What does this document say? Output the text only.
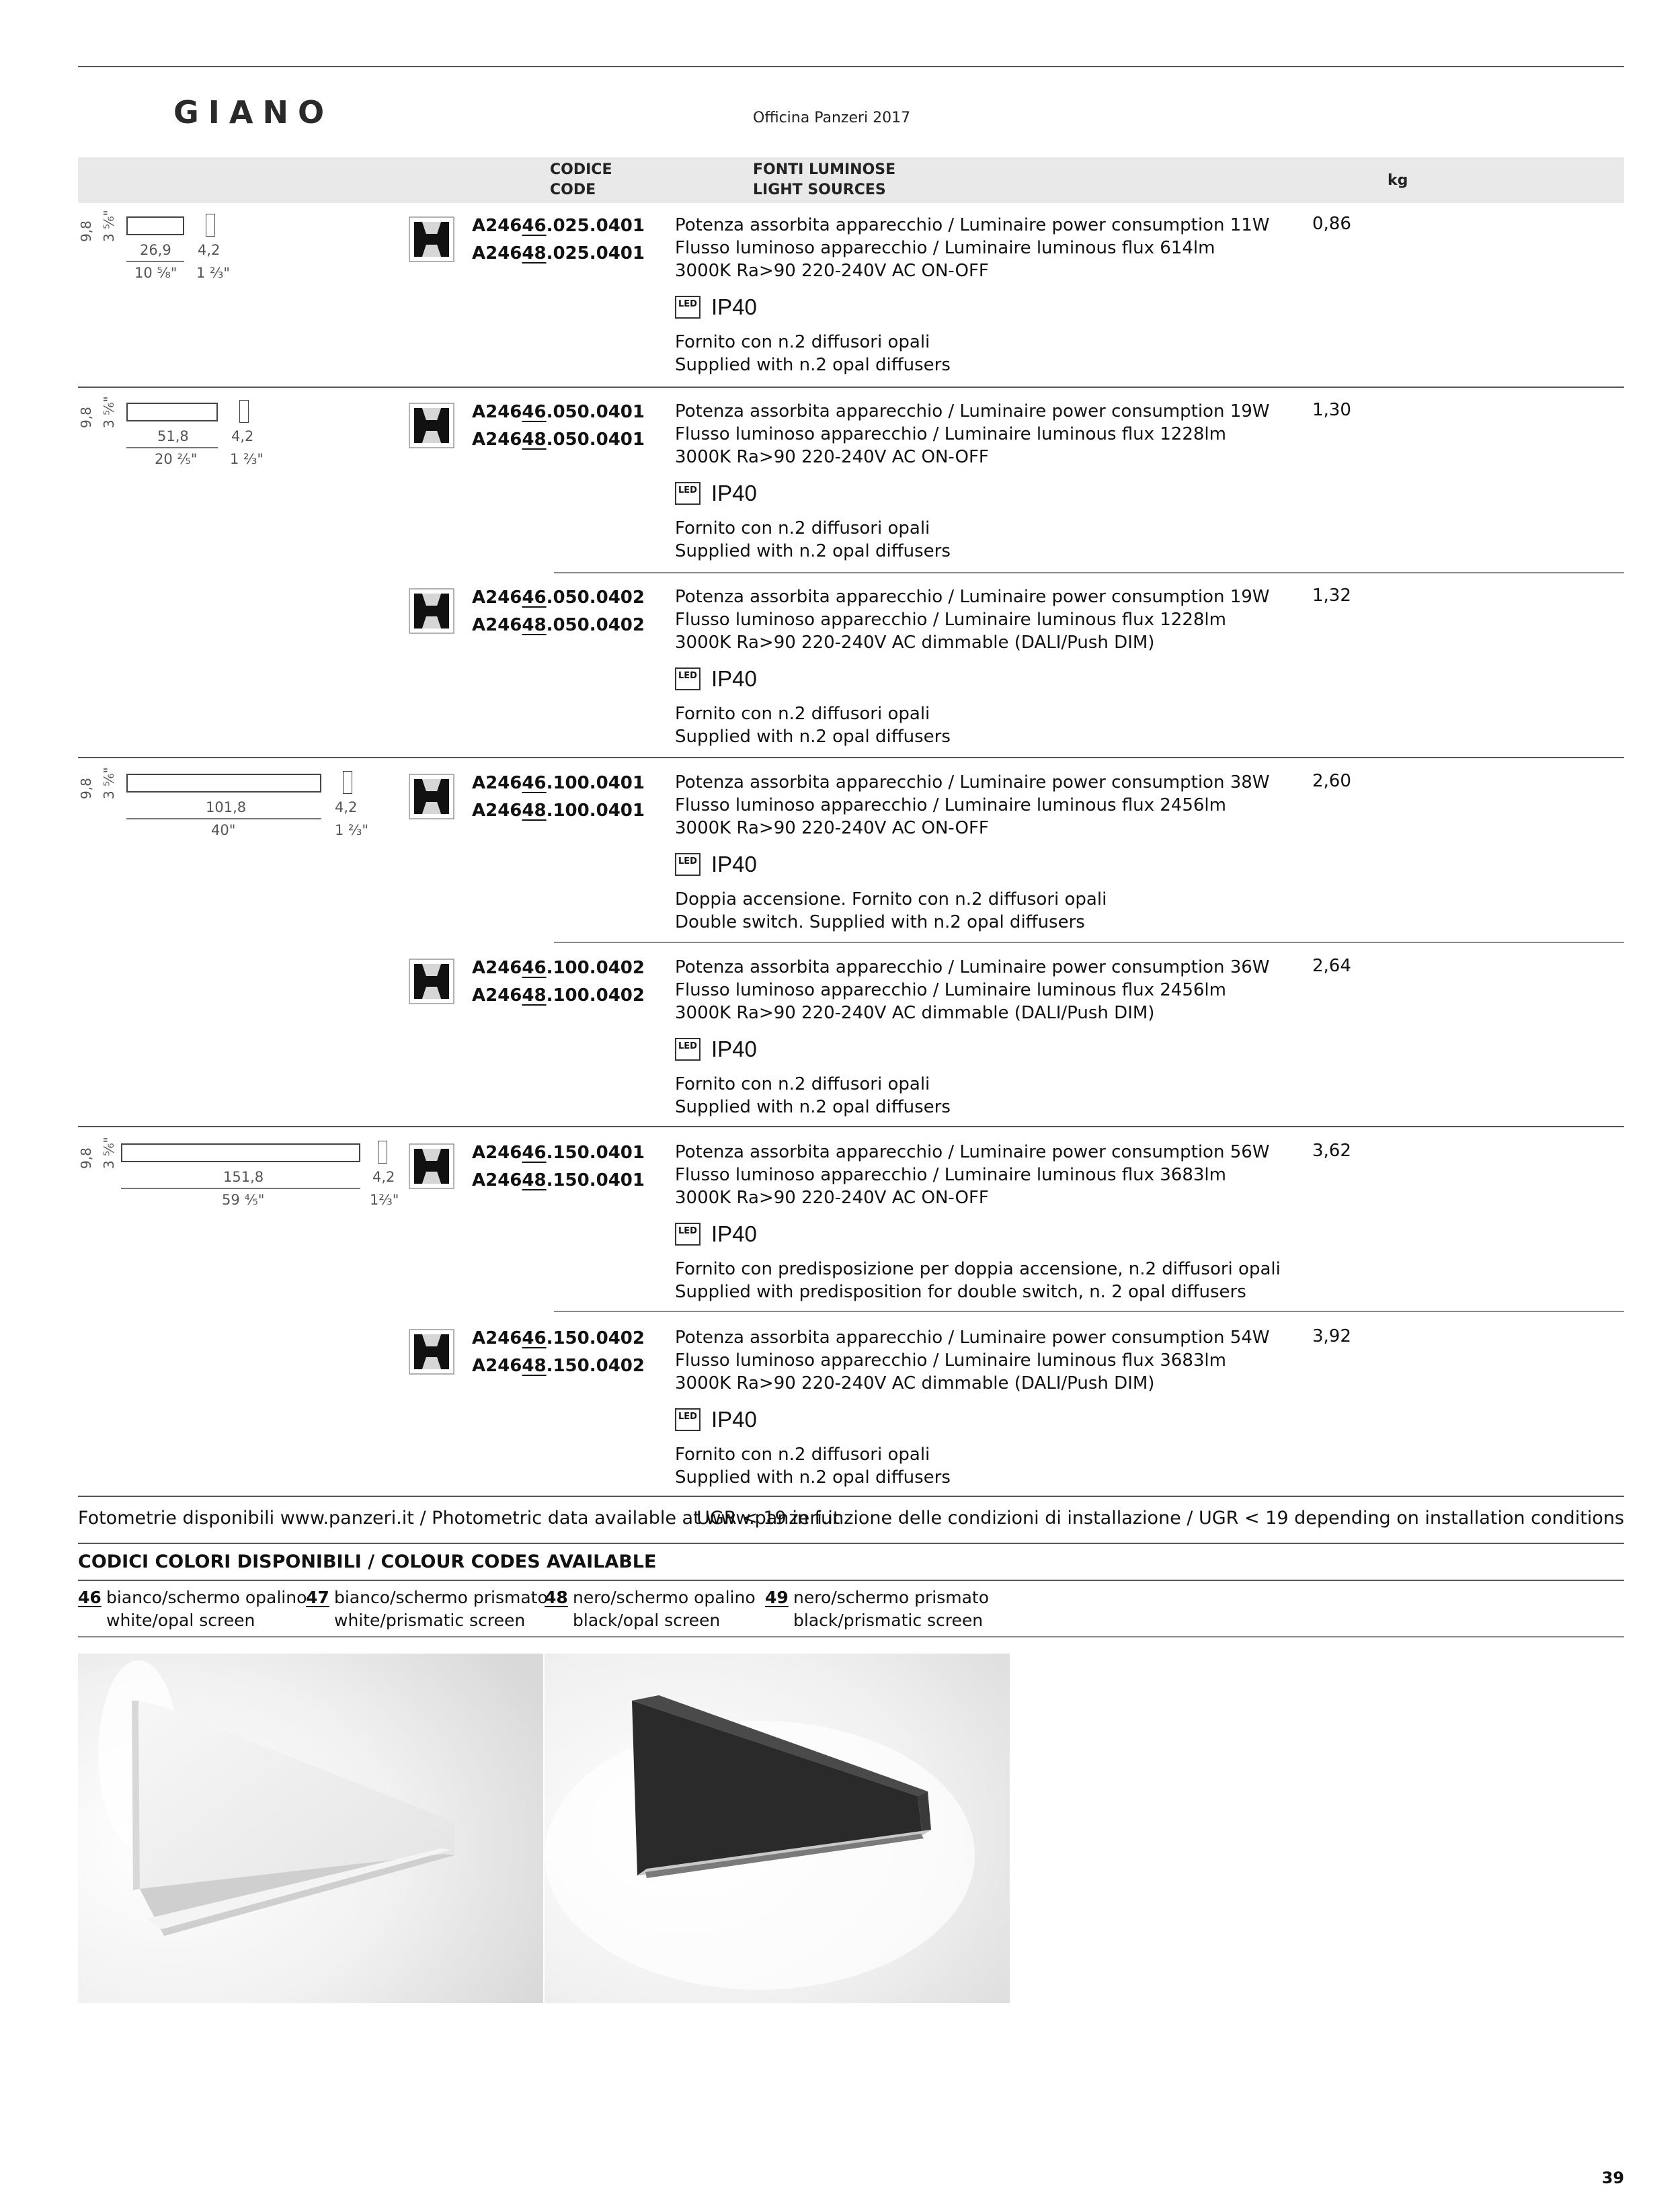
GIANO	Officina Panzeri 2017
CODICE
CODE
FONTI LUMINOSE
LIGHT SOURCES
kg
9,8 3 ⁵⁄₆"
26,9
10 ⁵⁄₈"
4,2
1 ⅔"
9,8 3 ⁵⁄₆"
51,8
20 ²⁄₅"
4,2
1 ⅔"
9,8 3 ⁵⁄₆"
101,8
40"
4,2
1 ⅔"
9,8 3 ⁵⁄₆"
151,8
59 ⁴⁄₅"
4,2
1⅔"
A24646.025.0401
A24648.025.0401
Potenza assorbita apparecchio / Luminaire power consumption 11W
Flusso luminoso apparecchio / Luminaire luminous flux 614lm
3000K Ra>90 220-240V AC ON-OFF
LED IP40
Fornito con n.2 diffusori opali
Supplied with n.2 opal diffusers
0,86
A24646.050.0401
A24648.050.0401
Potenza assorbita apparecchio / Luminaire power consumption 19W
Flusso luminoso apparecchio / Luminaire luminous flux 1228lm
3000K Ra>90 220-240V AC ON-OFF
LED IP40
Fornito con n.2 diffusori opali
Supplied with n.2 opal diffusers
1,30
A24646.050.0402
A24648.050.0402
Potenza assorbita apparecchio / Luminaire power consumption 19W
Flusso luminoso apparecchio / Luminaire luminous flux 1228lm
3000K Ra>90 220-240V AC dimmable (DALI/Push DIM)
LED IP40
Fornito con n.2 diffusori opali
Supplied with n.2 opal diffusers
1,32
A24646.100.0401
A24648.100.0401
Potenza assorbita apparecchio / Luminaire power consumption 38W
Flusso luminoso apparecchio / Luminaire luminous flux 2456lm
3000K Ra>90 220-240V AC ON-OFF
LED IP40
Doppia accensione. Fornito con n.2 diffusori opali
Double switch. Supplied with n.2 opal diffusers
2,60
A24646.100.0402
A24648.100.0402
Potenza assorbita apparecchio / Luminaire power consumption 36W
Flusso luminoso apparecchio / Luminaire luminous flux 2456lm
3000K Ra>90 220-240V AC dimmable (DALI/Push DIM)
LED IP40
Fornito con n.2 diffusori opali
Supplied with n.2 opal diffusers
2,64
A24646.150.0401
A24648.150.0401
Potenza assorbita apparecchio / Luminaire power consumption 56W
Flusso luminoso apparecchio / Luminaire luminous flux 3683lm
3000K Ra>90 220-240V AC ON-OFF
LED IP40
Fornito con predisposizione per doppia accensione, n.2 diffusori opali
Supplied with predisposition for double switch, n. 2 opal diffusers
3,62
A24646.150.0402
A24648.150.0402
Potenza assorbita apparecchio / Luminaire power consumption 54W
Flusso luminoso apparecchio / Luminaire luminous flux 3683lm
3000K Ra>90 220-240V AC dimmable (DALI/Push DIM)
LED IP40
Fornito con n.2 diffusori opali
Supplied with n.2 opal diffusers
3,92
Fotometrie disponibili www.panzeri.it / Photometric data available at www.panzeri.it
UGR < 19 in funzione delle condizioni di installazione / UGR < 19 depending on installation conditions
CODICI COLORI DISPONIBILI / COLOUR CODES AVAILABLE
46 bianco/schermo opalino
white/opal screen
47 bianco/schermo prismato
white/prismatic screen
48 nero/schermo opalino
black/opal screen
49 nero/schermo prismato
black/prismatic screen
39
